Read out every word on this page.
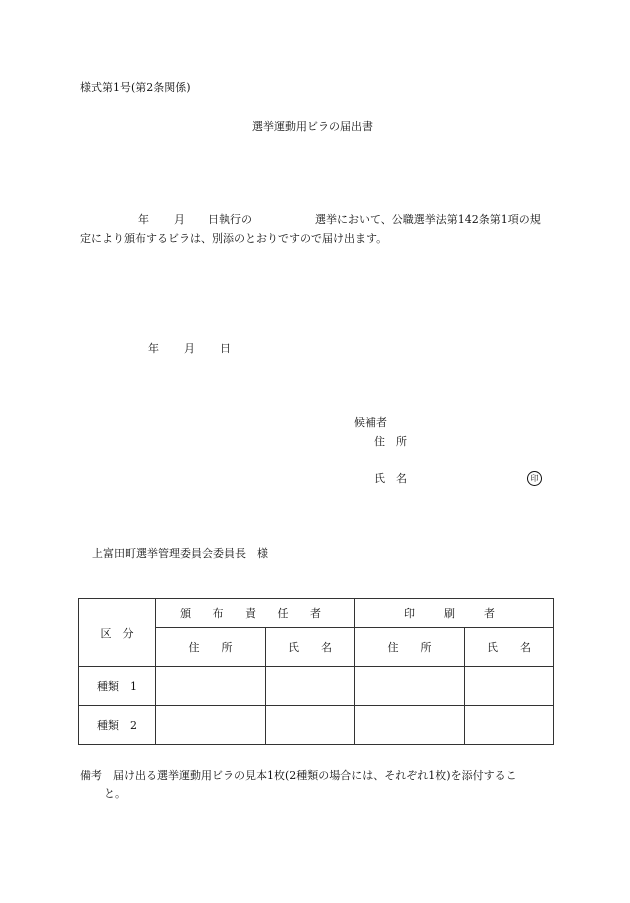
様式第1号(第2条関係)
選挙運動用ビラの届出書
年 月 日執行の	選挙において、公職選挙法第142条第1項の規
定により頒布するビラは、別添のとおりですので届け出ます。
年 月 日
候補者
住　所
氏　名	印
上富田町選挙管理委員会委員長　様
区　分	頒 布 責 任 者		印　刷　者	
	住　　所	氏　　名	住　　所	氏　　名
種類　1				
種類　2				
備考　届け出る選挙運動用ビラの見本1枚(2種類の場合には、それぞれ1枚)を添付するこ
と。
